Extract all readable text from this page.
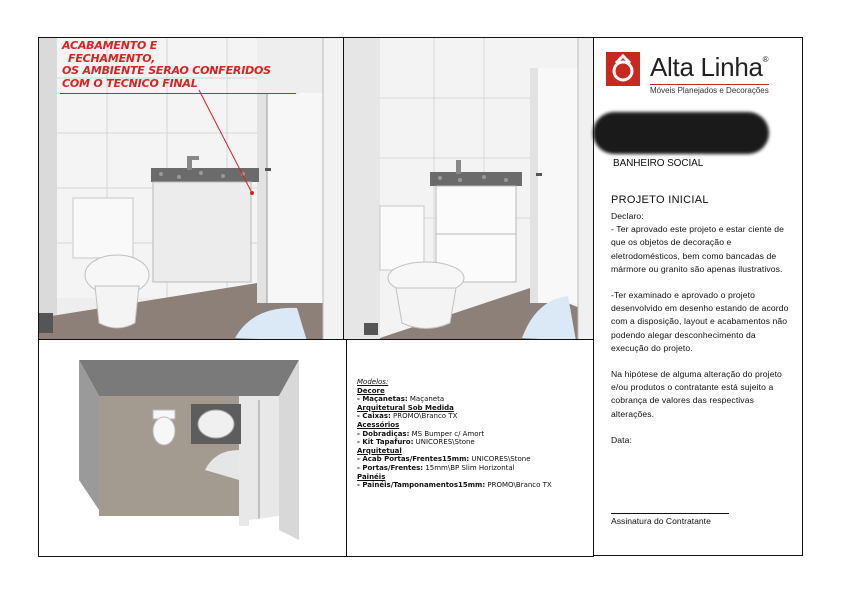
ACABAMENTO E
FECHAMENTO,
OS AMBIENTE SERAO CONFERIDOS
COM O TECNICO FINAL
Alta Linha®
Móveis Planejados e Decorações
BANHEIRO SOCIAL
PROJETO INICIAL

Declaro:

- Ter aprovado este projeto e estar ciente de que os objetos de decoração e eletrodomésticos, bem como bancadas de mármore ou granito são apenas ilustrativos.

-Ter examinado e aprovado o projeto desenvolvido em desenho estando de acordo com a disposição, layout e acabamentos não podendo alegar desconhecimento da execução do projeto.

Na hipótese de alguma alteração do projeto e/ou produtos o contratante está sujeito a cobrança de valores das respectivas alterações.

Data:

Assinatura do Contratante
Modelos:
Decore
- Maçanetas: Maçaneta
Arquitetural Sob Medida
- Caixas: PROMO\Branco TX
Acessórios
- Dobradiças: MS Bumper c/ Amort
- Kit Tapafuro: UNICORES\Stone
Arquitetual
- Acab Portas/Frentes15mm: UNICORES\Stone
- Portas/Frentes: 15mm\BP Slim Horizontal
Painéis
- Painéis/Tamponamentos15mm: PROMO\Branco TX
